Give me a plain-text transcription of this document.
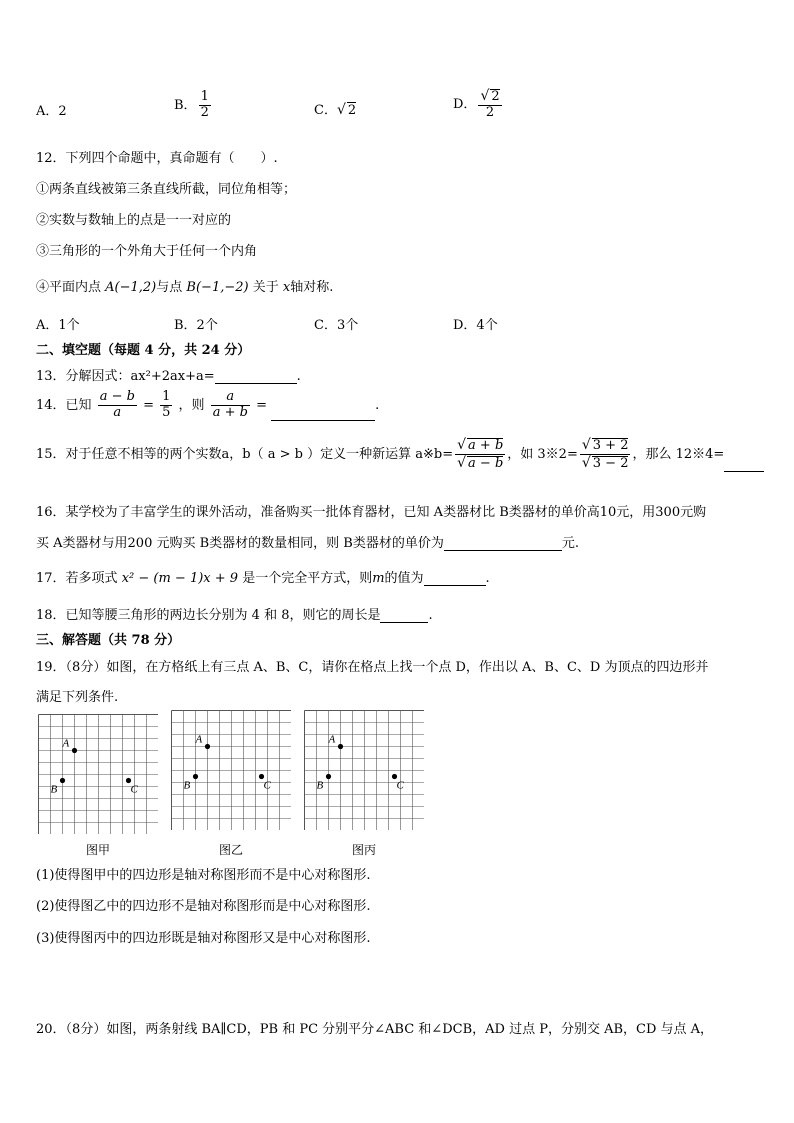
A．2	B． $\frac{1}{2}$	C．√ 2	D． $\frac{√ 2}{2}$
12．下列四个命题中，真命题有（　　）.
①两条直线被第三条直线所截，同位角相等；
②实数与数轴上的点是一一对应的
③三角形的一个外角大于任何一个内角
④平面内点 A(−1,2)与点 B(−1,−2) 关于 x轴对称.
A．1个	B．2个	C．3个	D．4个
二、填空题（每题 4 分，共 24 分）
13．分解因式：ax²+2ax+a=	.
14．已知 $\frac{a - b}{a} = \frac{1}{5}$ ，则 $\frac{a}{a + b}$ =	.
15．对于任意不相等的两个实数a，b（ a > b ）定义一种新运算 a※b= $\frac{√ a + b}{√ a - b}$ ，如 3※2= $\frac{√ 3 + 2}{√ 3 - 2}$ ，那么 12※4=
16．某学校为了丰富学生的课外活动，准备购买一批体育器材，已知 A类器材比 B类器材的单价高10元，用300元购
买 A类器材与用200 元购买 B类器材的数量相同，则 B类器材的单价为	元.
17．若多项式 x² − (m − 1)x + 9 是一个完全平方式，则m的值为	.
18．已知等腰三角形的两边长分别为 4 和 8，则它的周长是	.
三、解答题（共 78 分）
19．（8分）如图，在方格纸上有三点 A、B、C，请你在格点上找一个点 D，作出以 A、B、C、D 为顶点的四边形并
满足下列条件.
A
B	C
A
B	C
A
B	C
图甲	图乙	图丙
(1)使得图甲中的四边形是轴对称图形而不是中心对称图形.
(2)使得图乙中的四边形不是轴对称图形而是中心对称图形.
(3)使得图丙中的四边形既是轴对称图形又是中心对称图形.
20．（8分）如图，两条射线 BA∥CD，PB 和 PC 分别平分∠ABC 和∠DCB，AD 过点 P，分别交 AB，CD 与点 A，
